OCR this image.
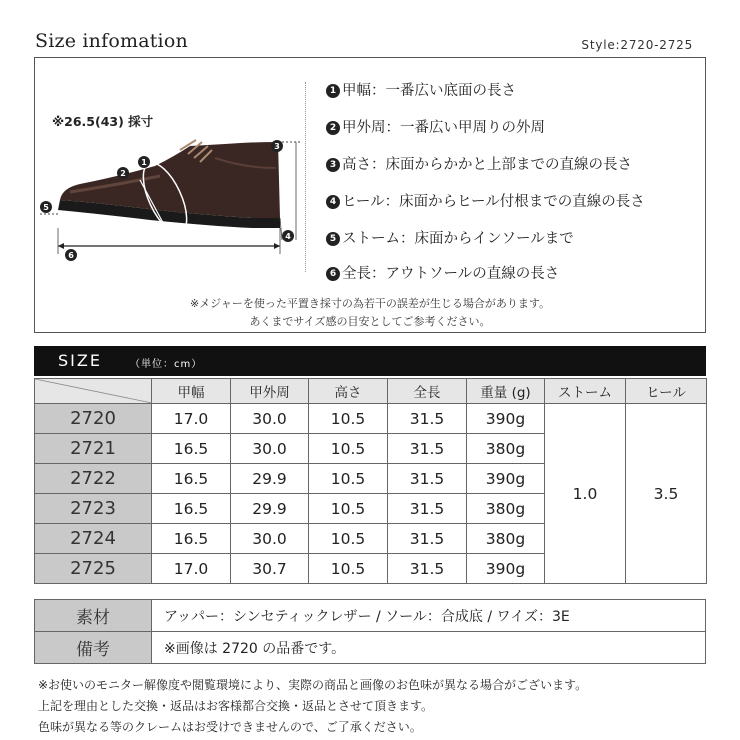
Size infomation	Style:2720-2725
※26.5(43) 採寸
1
2
3
4
5
6
1 甲幅：一番広い底面の長さ
2 甲外周：一番広い甲周りの外周
3 高さ：床面からかかと上部までの直線の長さ
4 ヒール：床面からヒール付根までの直線の長さ
5 ストーム：床面からインソールまで
6 全長：アウトソールの直線の長さ
※メジャーを使った平置き採寸の為若干の誤差が生じる場合があります。
あくまでサイズ感の目安としてご参考ください。
SIZE	（単位：cm）
	甲幅	甲外周	高さ	全長	重量 (g)	ストーム	ヒール
2720	17.0	30.0	10.5	31.5	390g	1.0	3.5
2721	16.5	30.0	10.5	31.5	380g		
2722	16.5	29.9	10.5	31.5	390g		
2723	16.5	29.9	10.5	31.5	380g		
2724	16.5	30.0	10.5	31.5	380g		
2725	17.0	30.7	10.5	31.5	390g		
素材	アッパー：シンセティックレザー / ソール：合成底 / ワイズ：3E
備考	※画像は 2720 の品番です。
※お使いのモニター解像度や閲覧環境により、実際の商品と画像のお色味が異なる場合がございます。
上記を理由とした交換・返品はお客様都合交換・返品とさせて頂きます。
色味が異なる等のクレームはお受けできませんので、ご了承ください。
